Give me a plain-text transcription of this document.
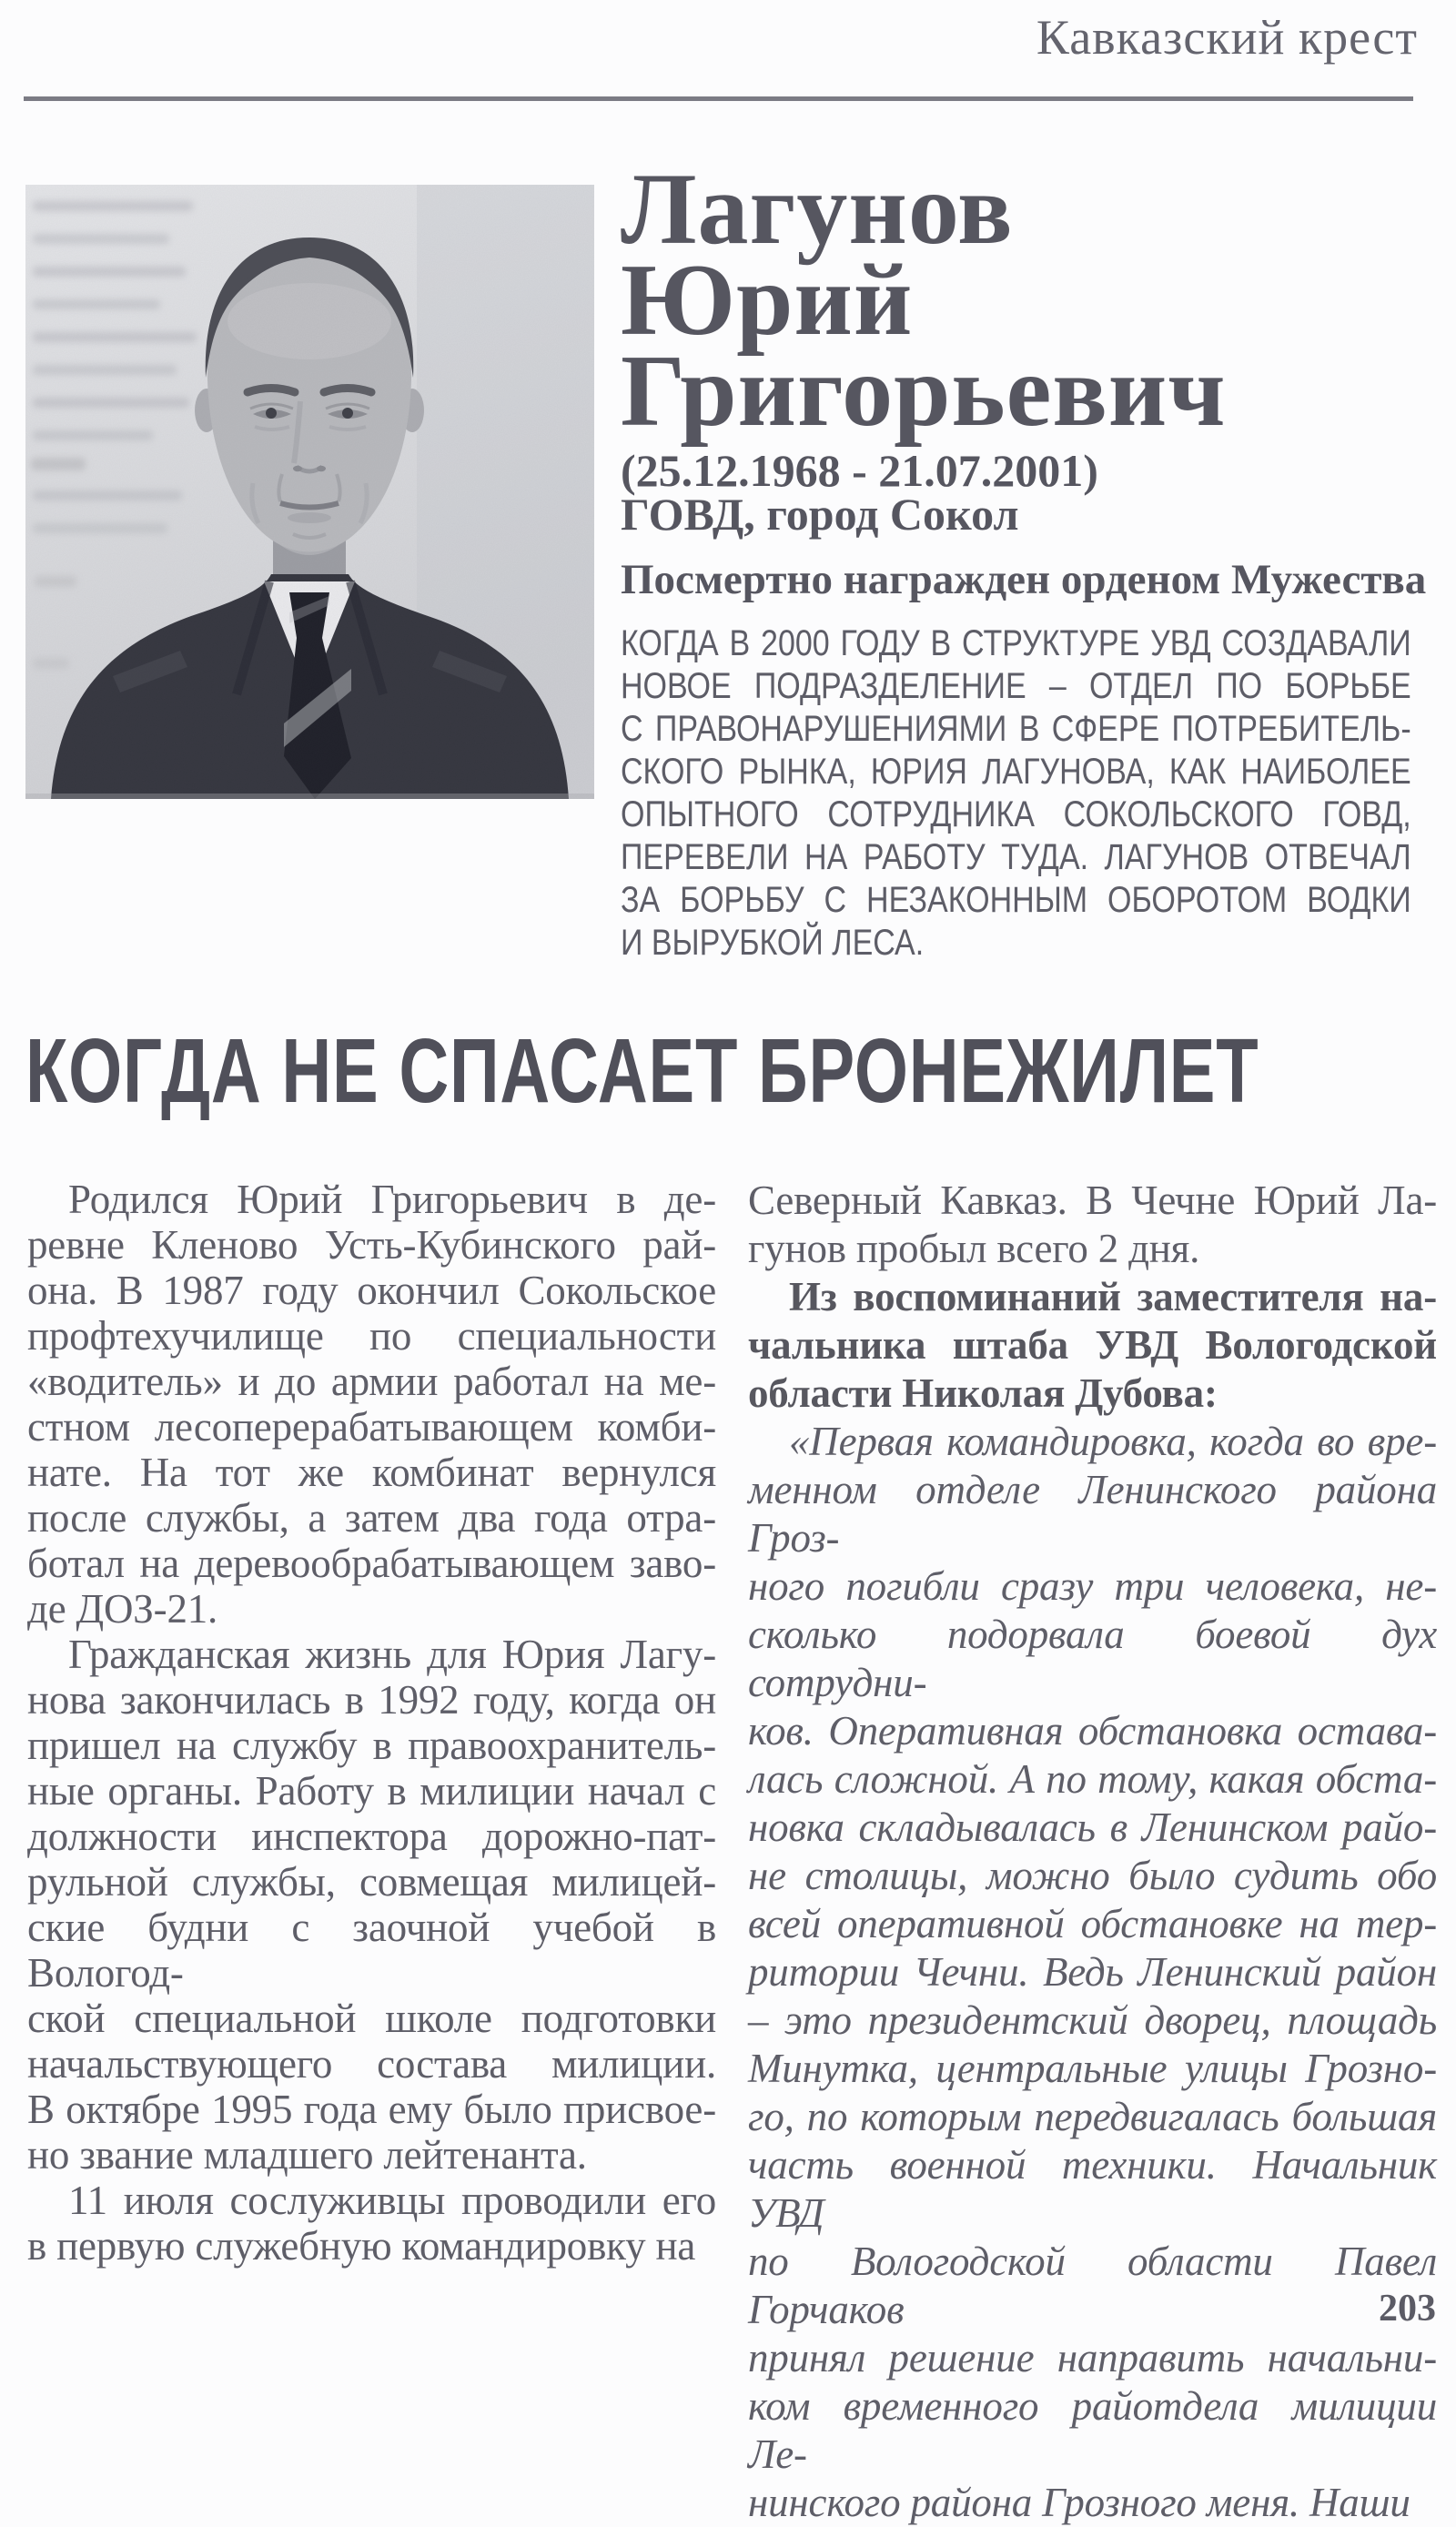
Кавказский крест
Лагунов
Юрий
Григорьевич
(25.12.1968 - 21.07.2001)
ГОВД, город Сокол
Посмертно награжден орденом Мужества
КОГДА В 2000 ГОДУ В СТРУКТУРЕ УВД СОЗДАВАЛИ
НОВОЕ ПОДРАЗДЕЛЕНИЕ – ОТДЕЛ ПО БОРЬБЕ
С ПРАВОНАРУШЕНИЯМИ В СФЕРЕ ПОТРЕБИТЕЛЬ-
СКОГО РЫНКА, ЮРИЯ ЛАГУНОВА, КАК НАИБОЛЕЕ
ОПЫТНОГО СОТРУДНИКА СОКОЛЬСКОГО ГОВД,
ПЕРЕВЕЛИ НА РАБОТУ ТУДА. ЛАГУНОВ ОТВЕЧАЛ
ЗА БОРЬБУ С НЕЗАКОННЫМ ОБОРОТОМ ВОДКИ
И ВЫРУБКОЙ ЛЕСА.
КОГДА НЕ СПАСАЕТ БРОНЕЖИЛЕТ
Родился Юрий Григорьевич в де-
ревне Кленово Усть-Кубинского рай-
она. В 1987 году окончил Сокольское
профтехучилище по специальности
«водитель» и до армии работал на ме-
стном лесоперерабатывающем комби-
нате. На тот же комбинат вернулся
после службы, а затем два года отра-
ботал на деревообрабатывающем заво-
де ДОЗ-21.
Гражданская жизнь для Юрия Лагу-
нова закончилась в 1992 году, когда он
пришел на службу в правоохранитель-
ные органы. Работу в милиции начал с
должности инспектора дорожно-пат-
рульной службы, совмещая милицей-
ские будни с заочной учебой в Вологод-
ской специальной школе подготовки
начальствующего состава милиции.
В октябре 1995 года ему было присвое-
но звание младшего лейтенанта.
11 июля сослуживцы проводили его
в первую служебную командировку на
Северный Кавказ. В Чечне Юрий Ла-
гунов пробыл всего 2 дня.
Из воспоминаний заместителя на-
чальника штаба УВД Вологодской
области Николая Дубова:
«Первая командировка, когда во вре-
менном отделе Ленинского района Гроз-
ного погибли сразу три человека, не-
сколько подорвала боевой дух сотрудни-
ков. Оперативная обстановка остава-
лась сложной. А по тому, какая обста-
новка складывалась в Ленинском райо-
не столицы, можно было судить обо
всей оперативной обстановке на тер-
ритории Чечни. Ведь Ленинский район
– это президентский дворец, площадь
Минутка, центральные улицы Грозно-
го, по которым передвигалась большая
часть военной техники. Начальник УВД
по Вологодской области Павел Горчаков
принял решение направить начальни-
ком временного райотдела милиции Ле-
нинского района Грозного меня. Наши
203
